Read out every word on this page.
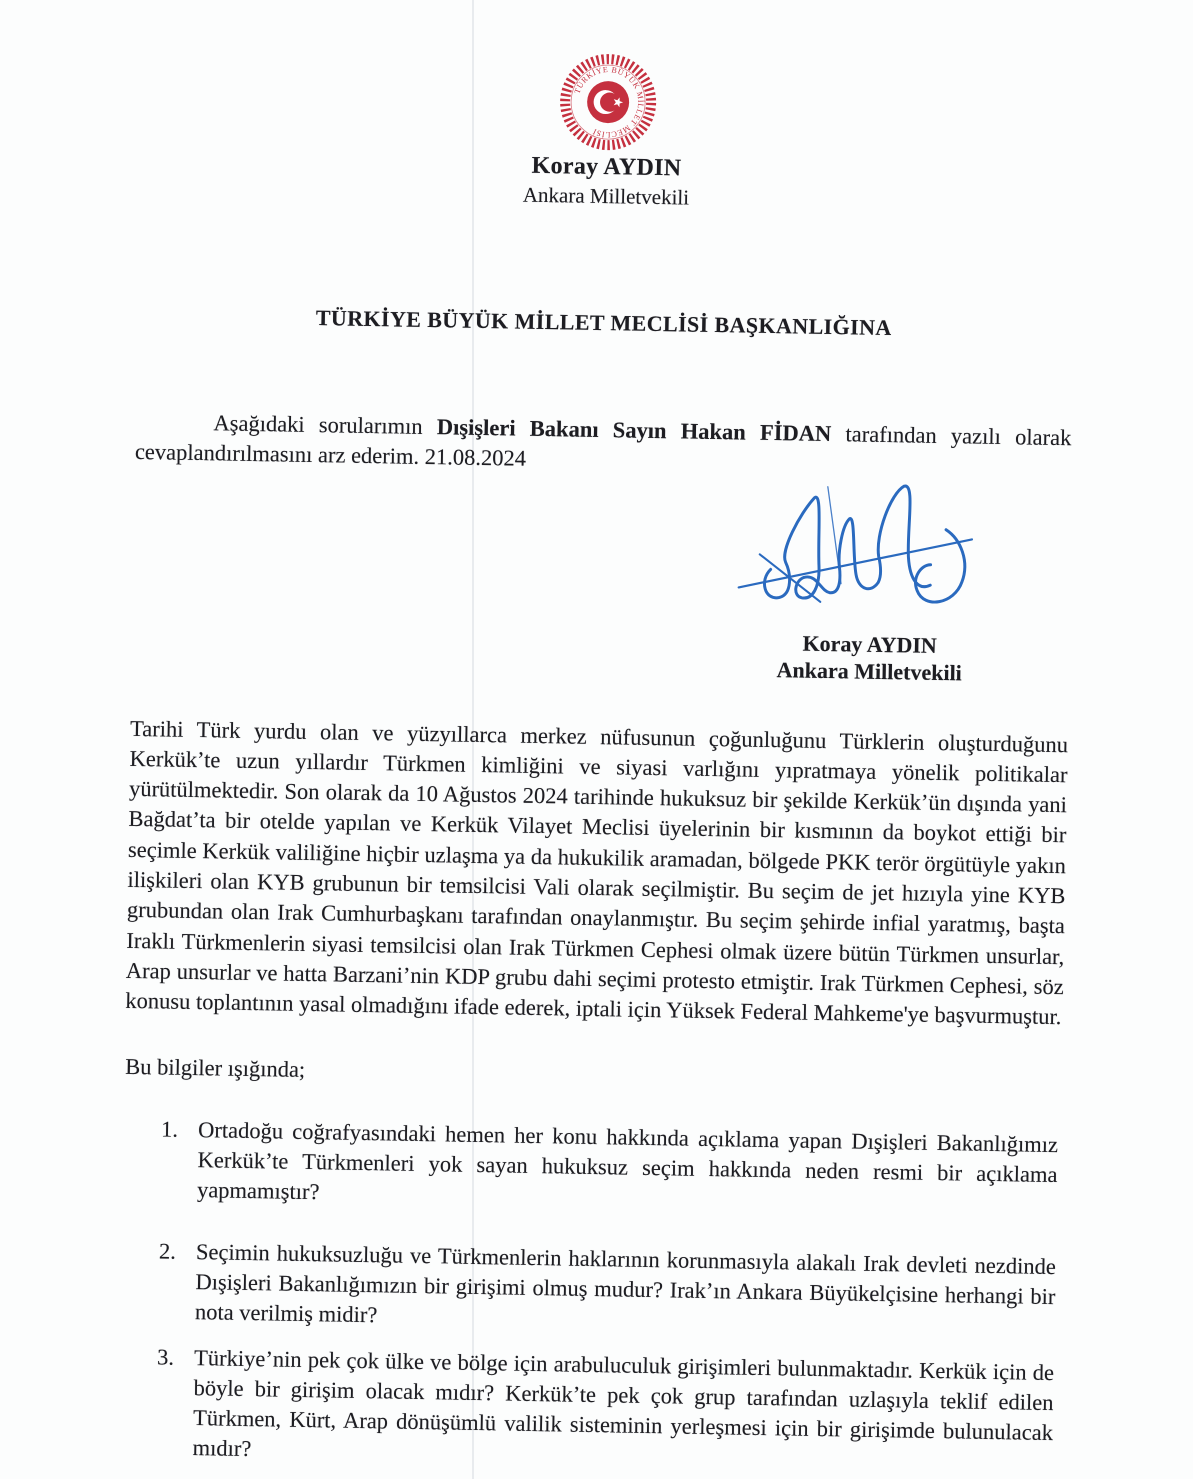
TÜRKİYE BÜYÜK MİLLET MECLİSİ
Koray AYDIN
Ankara Milletvekili
TÜRKİYE BÜYÜK MİLLET MECLİSİ BAŞKANLIĞINA

Aşağıdaki sorularımın Dışişleri Bakanı Sayın Hakan FİDAN tarafından yazılı olarak cevaplandırılmasını arz ederim. 21.08.2024

Koray AYDIN
Ankara Milletvekili

Tarihi Türk yurdu olan ve yüzyıllarca merkez nüfusunun çoğunluğunu Türklerin oluşturduğunu Kerkük’te uzun yıllardır Türkmen kimliğini ve siyasi varlığını yıpratmaya yönelik politikalar yürütülmektedir. Son olarak da 10 Ağustos 2024 tarihinde hukuksuz bir şekilde Kerkük’ün dışında yani Bağdat’ta bir otelde yapılan ve Kerkük Vilayet Meclisi üyelerinin bir kısmının da boykot ettiği bir seçimle Kerkük valiliğine hiçbir uzlaşma ya da hukukilik aramadan, bölgede PKK terör örgütüyle yakın ilişkileri olan KYB grubunun bir temsilcisi Vali olarak seçilmiştir. Bu seçim de jet hızıyla yine KYB grubundan olan Irak Cumhurbaşkanı tarafından onaylanmıştır. Bu seçim şehirde infial yaratmış, başta Iraklı Türkmenlerin siyasi temsilcisi olan Irak Türkmen Cephesi olmak üzere bütün Türkmen unsurlar, Arap unsurlar ve hatta Barzani’nin KDP grubu dahi seçimi protesto etmiştir. Irak Türkmen Cephesi, söz konusu toplantının yasal olmadığını ifade ederek, iptali için Yüksek Federal Mahkeme'ye başvurmuştur.

Bu bilgiler ışığında;
1. Ortadoğu coğrafyasındaki hemen her konu hakkında açıklama yapan Dışişleri Bakanlığımız Kerkük’te Türkmenleri yok sayan hukuksuz seçim hakkında neden resmi bir açıklama yapmamıştır?
2. Seçimin hukuksuzluğu ve Türkmenlerin haklarının korunmasıyla alakalı Irak devleti nezdinde Dışişleri Bakanlığımızın bir girişimi olmuş mudur? Irak’ın Ankara Büyükelçisine herhangi bir nota verilmiş midir?
3. Türkiye’nin pek çok ülke ve bölge için arabuluculuk girişimleri bulunmaktadır. Kerkük için de böyle bir girişim olacak mıdır? Kerkük’te pek çok grup tarafından uzlaşıyla teklif edilen Türkmen, Kürt, Arap dönüşümlü valilik sisteminin yerleşmesi için bir girişimde bulunulacak mıdır?
